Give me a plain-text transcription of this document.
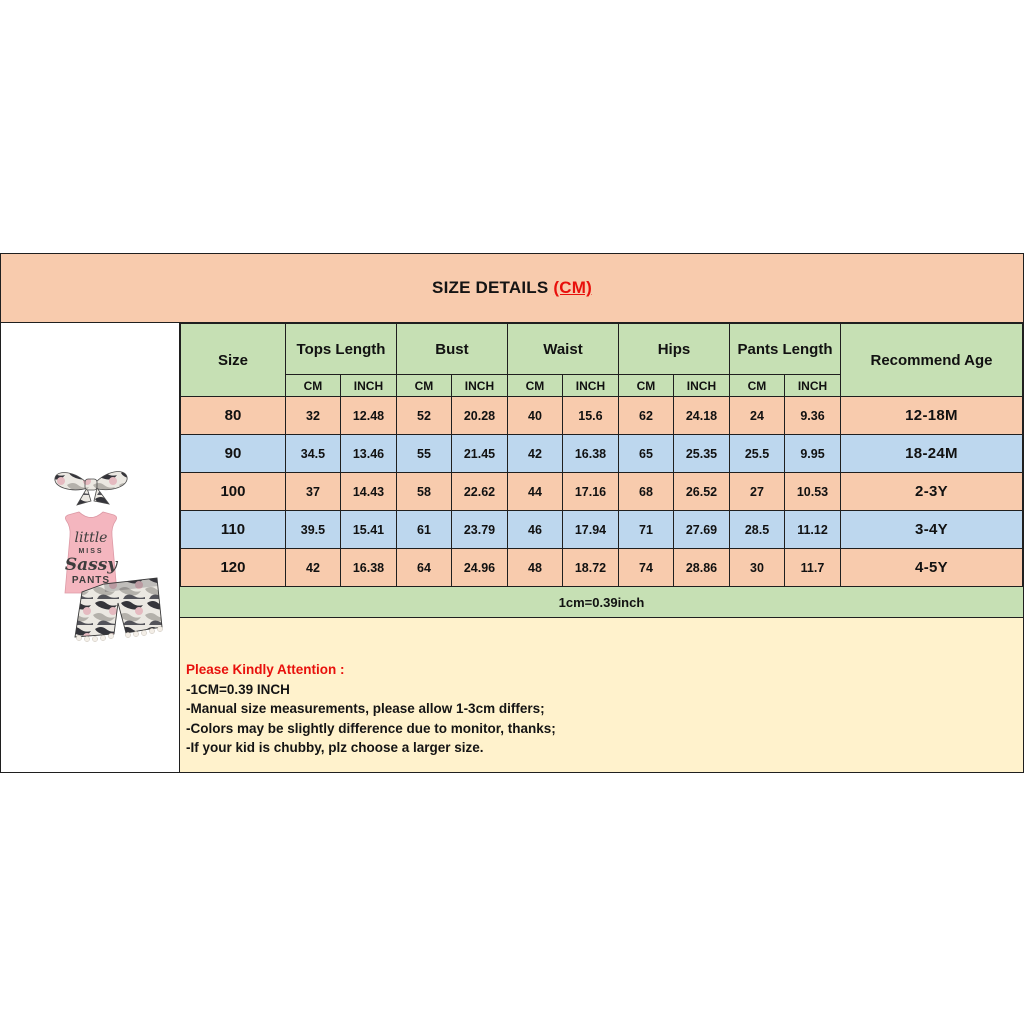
SIZE DETAILS (CM)
little
MISS
Sassy
PANTS
Size	Tops Length		Bust		Waist		Hips		Pants Length		Recommend Age
	CM	INCH	CM	INCH	CM	INCH	CM	INCH	CM	INCH	
80	32	12.48	52	20.28	40	15.6	62	24.18	24	9.36	12-18M
90	34.5	13.46	55	21.45	42	16.38	65	25.35	25.5	9.95	18-24M
100	37	14.43	58	22.62	44	17.16	68	26.52	27	10.53	2-3Y
110	39.5	15.41	61	23.79	46	17.94	71	27.69	28.5	11.12	3-4Y
120	42	16.38	64	24.96	48	18.72	74	28.86	30	11.7	4-5Y
1cm=0.39inch
Please Kindly Attention :
-1CM=0.39 INCH
-Manual size measurements, please allow 1-3cm differs;
-Colors may be slightly difference due to monitor, thanks;
-If your kid is chubby, plz choose a larger size.
